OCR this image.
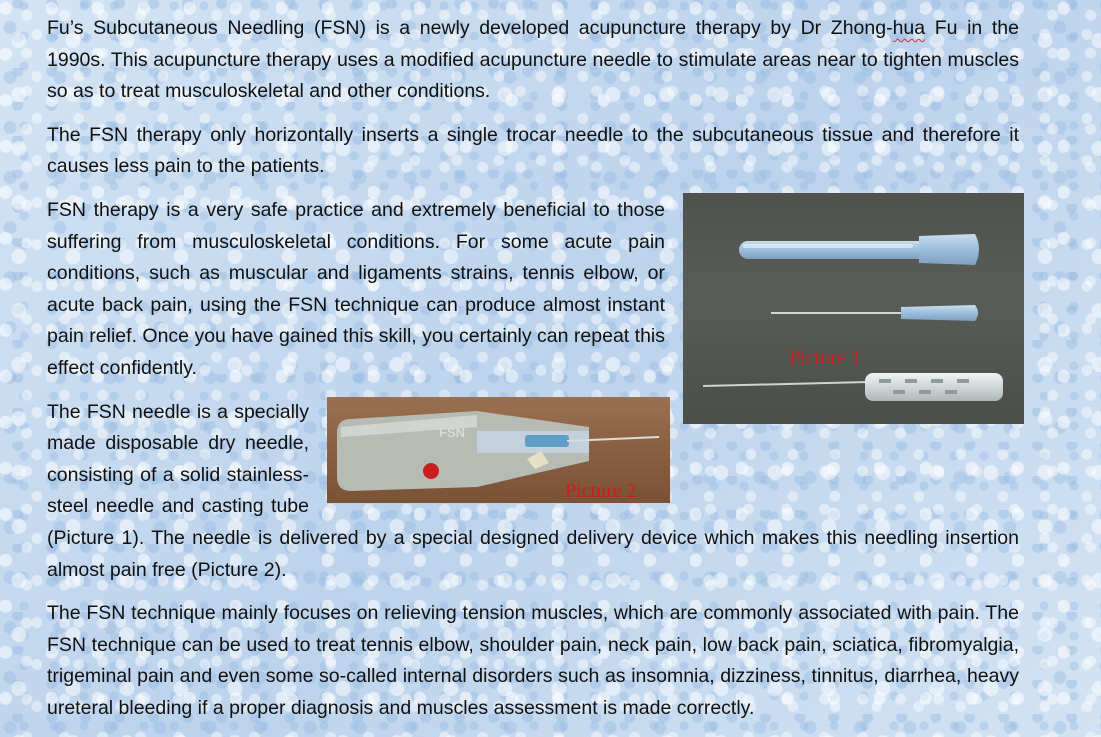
Fu’s Subcutaneous Needling (FSN) is a newly developed acupuncture therapy by Dr Zhong-hua Fu in the 1990s. This acupuncture therapy uses a modified acupuncture needle to stimulate areas near to tighten muscles so as to treat musculoskeletal and other conditions.

The FSN therapy only horizontally inserts a single trocar needle to the subcutaneous tissue and therefore it causes less pain to the patients.

Picture 1

FSN therapy is a very safe practice and extremely beneficial to those suffering from musculoskeletal conditions. For some acute pain conditions, such as muscular and ligaments strains, tennis elbow, or acute back pain, using the FSN technique can produce almost instant pain relief. Once you have gained this skill, you certainly can repeat this effect confidently.

FSN
Picture 2

The FSN needle is a specially made disposable dry needle, consisting of a solid stainless-steel needle and casting tube (Picture 1). The needle is delivered by a special designed delivery device which makes this needling insertion almost pain free (Picture 2).

The FSN technique mainly focuses on relieving tension muscles, which are commonly associated with pain. The FSN technique can be used to treat tennis elbow, shoulder pain, neck pain, low back pain, sciatica, fibromyalgia, trigeminal pain and even some so-called internal disorders such as insomnia, dizziness, tinnitus, diarrhea, heavy ureteral bleeding if a proper diagnosis and muscles assessment is made correctly.
